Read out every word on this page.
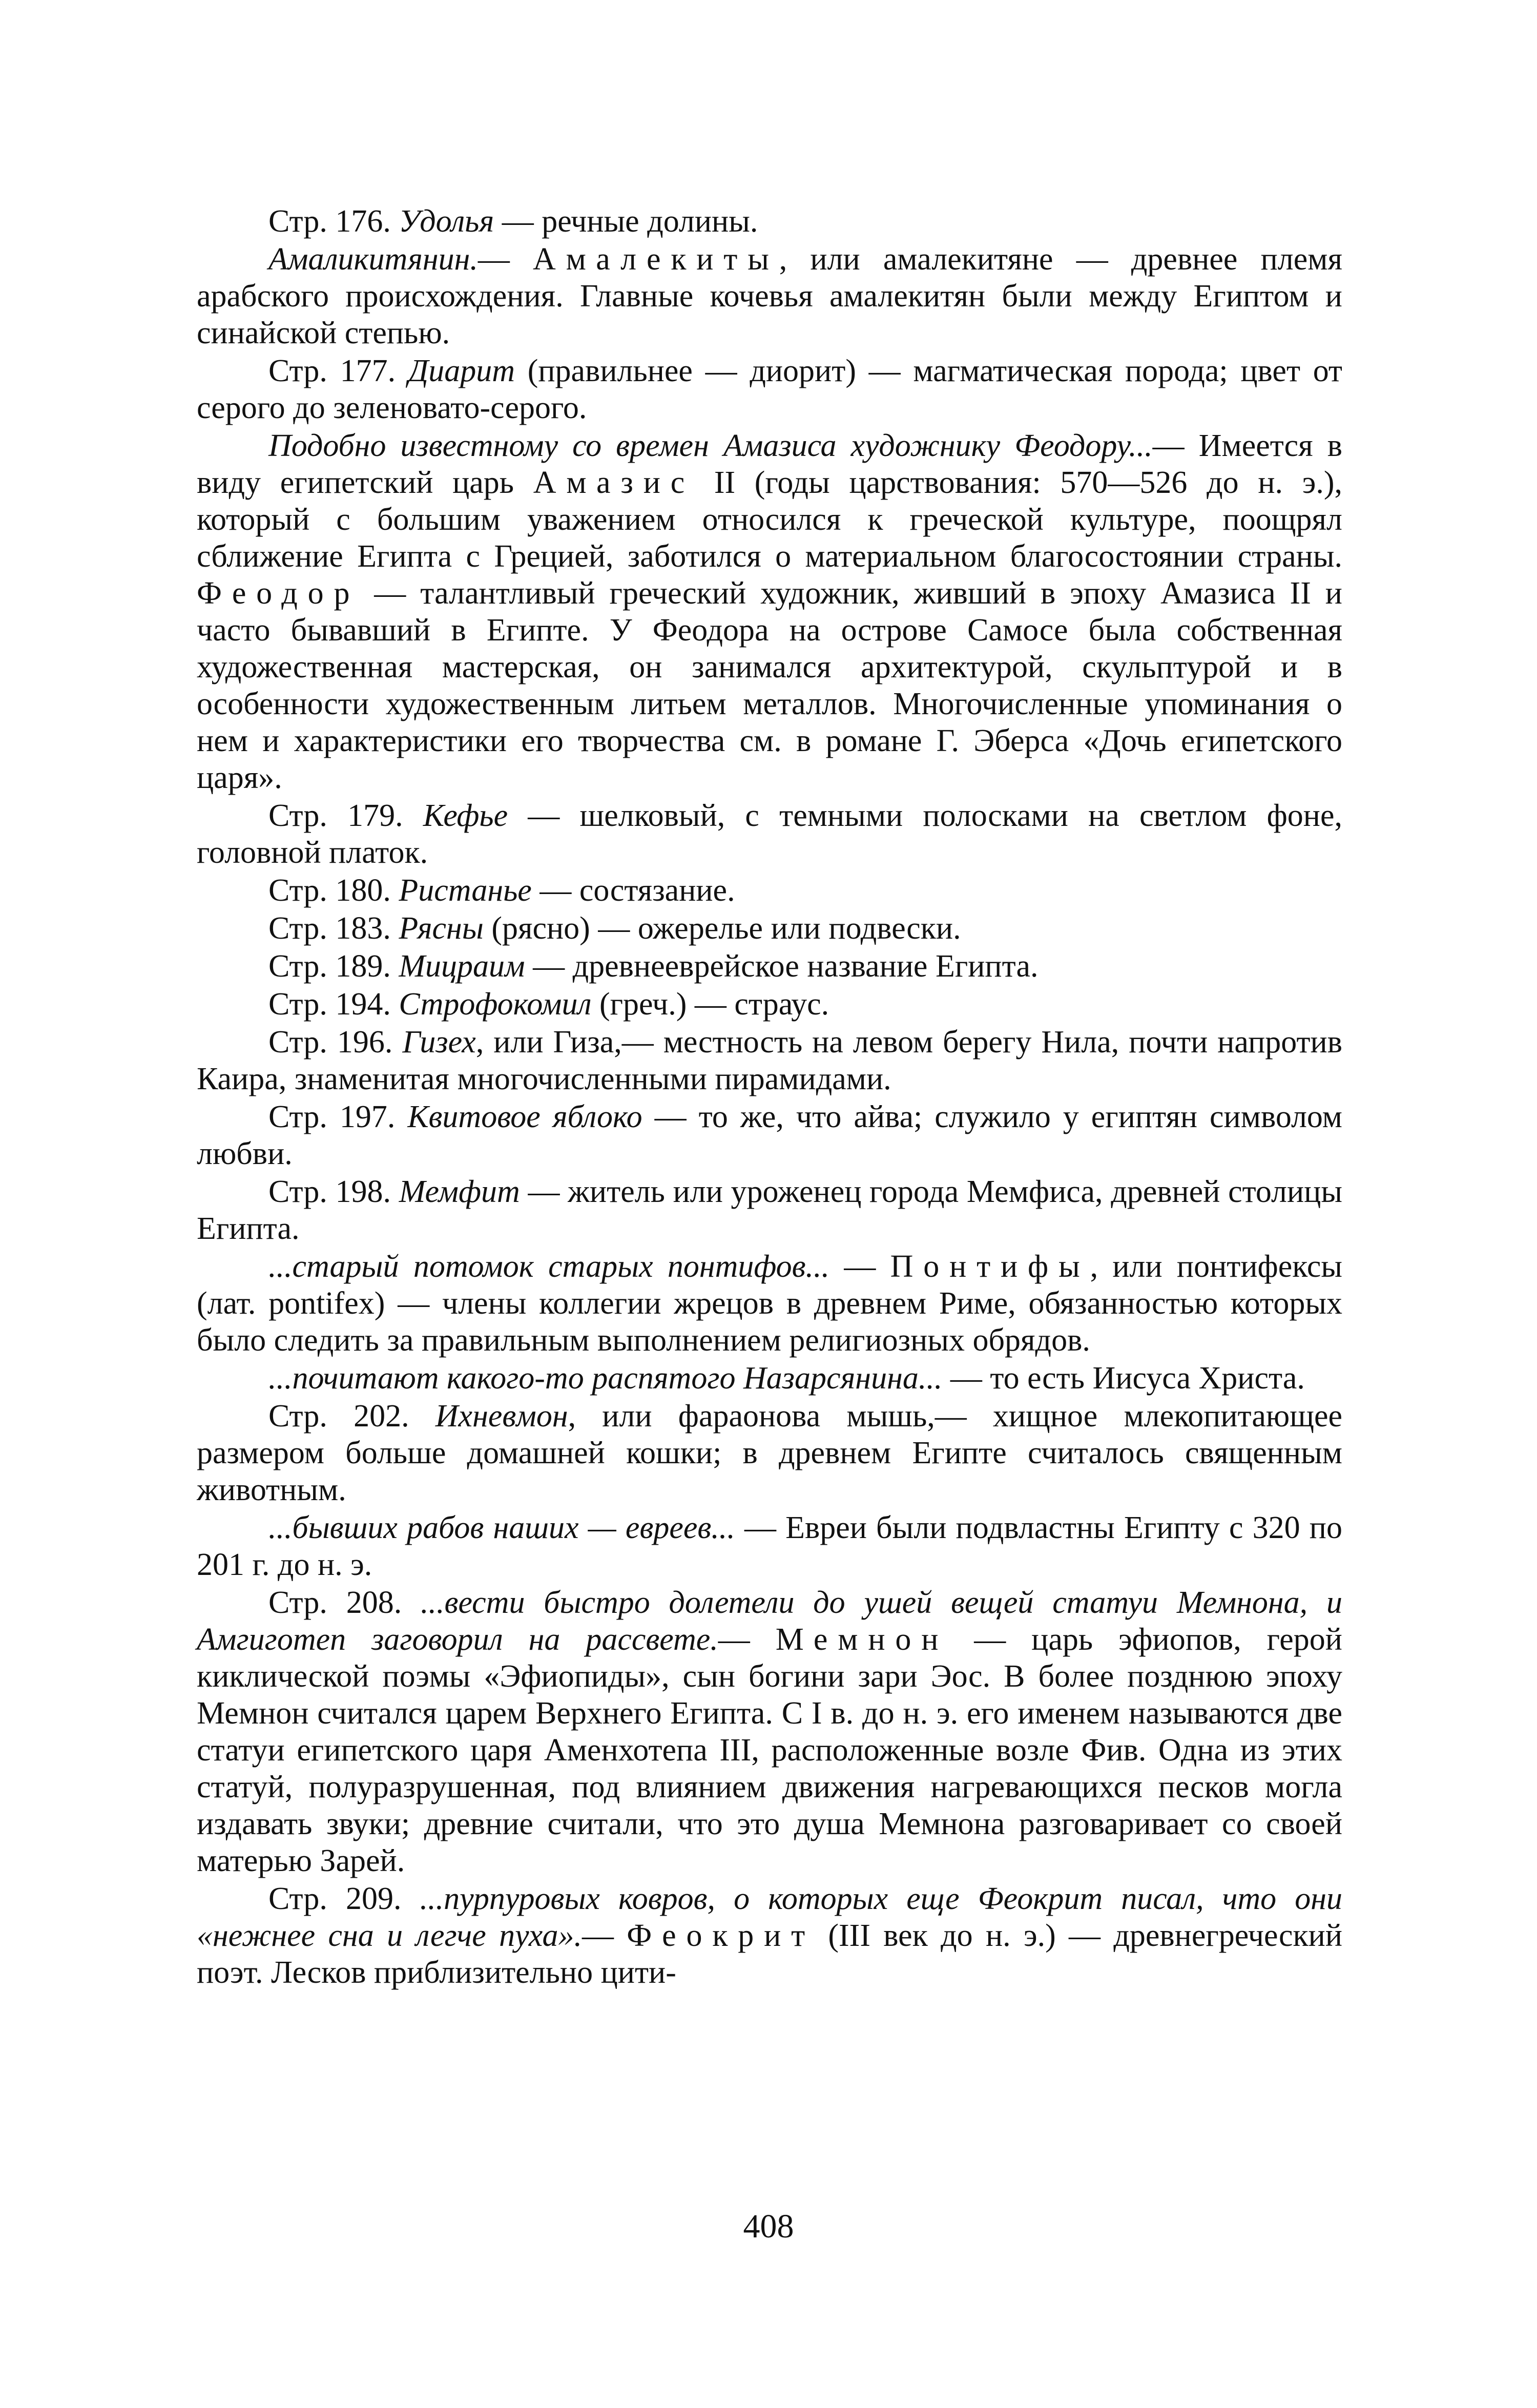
Стр. 176. Удолья — речные долины.

Амаликитянин.— Амалекиты, или амалекитяне — древнее племя арабского происхождения. Главные кочевья амалекитян были между Египтом и синайской степью.

Стр. 177. Диарит (правильнее — диорит) — магматическая порода; цвет от серого до зеленовато-серого.

Подобно известному со времен Амазиса художнику Феодору...— Имеется в виду египетский царь Амазис II (годы царствования: 570—526 до н. э.), который с большим уважением относился к греческой культуре, поощрял сближение Египта с Грецией, заботился о материальном благосостоянии страны. Феодор — талантливый греческий художник, живший в эпоху Амазиса II и часто бывавший в Египте. У Феодора на острове Самосе была собственная художественная мастерская, он занимался архитектурой, скульптурой и в особенности художественным литьем металлов. Многочисленные упоминания о нем и характеристики его творчества см. в романе Г. Эберса «Дочь египетского царя».

Стр. 179. Кефье — шелковый, с темными полосками на светлом фоне, головной платок.

Стр. 180. Ристанье — состязание.

Стр. 183. Рясны (рясно) — ожерелье или подвески.

Стр. 189. Мицраим — древнееврейское название Египта.

Стр. 194. Строфокомил (греч.) — страус.

Стр. 196. Гизех, или Гиза,— местность на левом берегу Нила, почти напротив Каира, знаменитая многочисленными пирамидами.

Стр. 197. Квитовое яблоко — то же, что айва; служило у египтян символом любви.

Стр. 198. Мемфит — житель или уроженец города Мемфиса, древней столицы Египта.

...старый потомок старых понтифов... — Понтифы, или понтифексы (лат. pontifex) — члены коллегии жрецов в древнем Риме, обязанностью которых было следить за правильным выполнением религиозных обрядов.

...почитают какого-то распятого Назарсянина... — то есть Иисуса Христа.

Стр. 202. Ихневмон, или фараонова мышь,— хищное млекопитающее размером больше домашней кошки; в древнем Египте считалось священным животным.

...бывших рабов наших — евреев... — Евреи были подвластны Египту с 320 по 201 г. до н. э.

Стр. 208. ...вести быстро долетели до ушей вещей статуи Мемнона, и Амгиготеп заговорил на рассвете.— Мемнон — царь эфиопов, герой киклической поэмы «Эфиопиды», сын богини зари Эос. В более позднюю эпоху Мемнон считался царем Верхнего Египта. С I в. до н. э. его именем называются две статуи египетского царя Аменхотепа III, расположенные возле Фив. Одна из этих статуй, полуразрушенная, под влиянием движения нагревающихся песков могла издавать звуки; древние считали, что это душа Мемнона разговаривает со своей матерью Зарей.

Стр. 209. ...пурпуровых ковров, о которых еще Феокрит писал, что они «нежнее сна и легче пуха».— Феокрит (III век до н. э.) — древнегреческий поэт. Лесков приблизительно цити-

408
